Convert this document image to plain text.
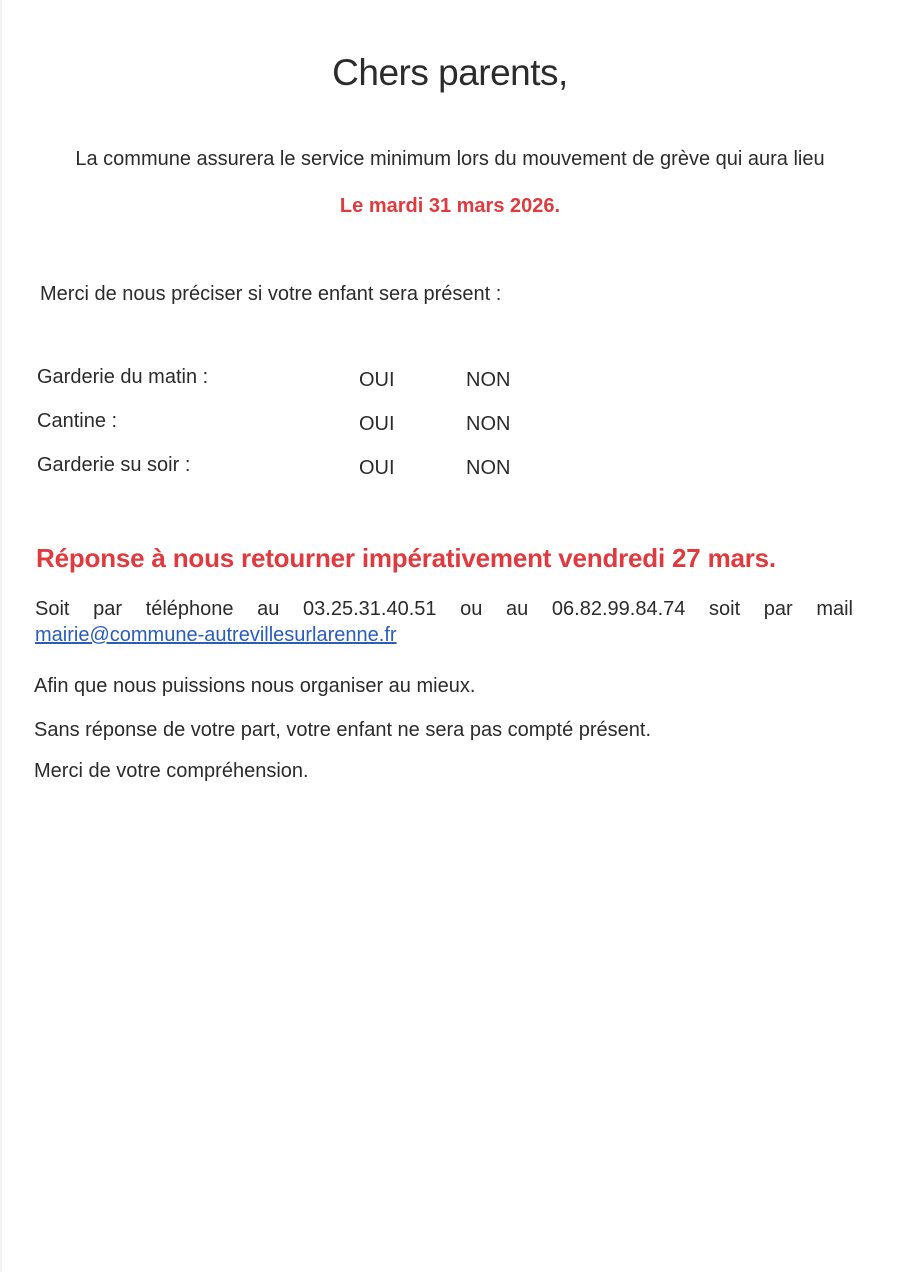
Chers parents,
La commune assurera le service minimum lors du mouvement de grève qui aura lieu
Le mardi 31 mars 2026.
Merci de nous préciser si votre enfant sera présent :
Garderie du matin :	OUI	NON
Cantine :	OUI	NON
Garderie su soir :	OUI	NON
Réponse à nous retourner impérativement vendredi 27 mars.
Soit par téléphone au 03.25.31.40.51 ou au 06.82.99.84.74 soit par mail
mairie@commune-autrevillesurlarenne.fr
Afin que nous puissions nous organiser au mieux.
Sans réponse de votre part, votre enfant ne sera pas compté présent.
Merci de votre compréhension.
